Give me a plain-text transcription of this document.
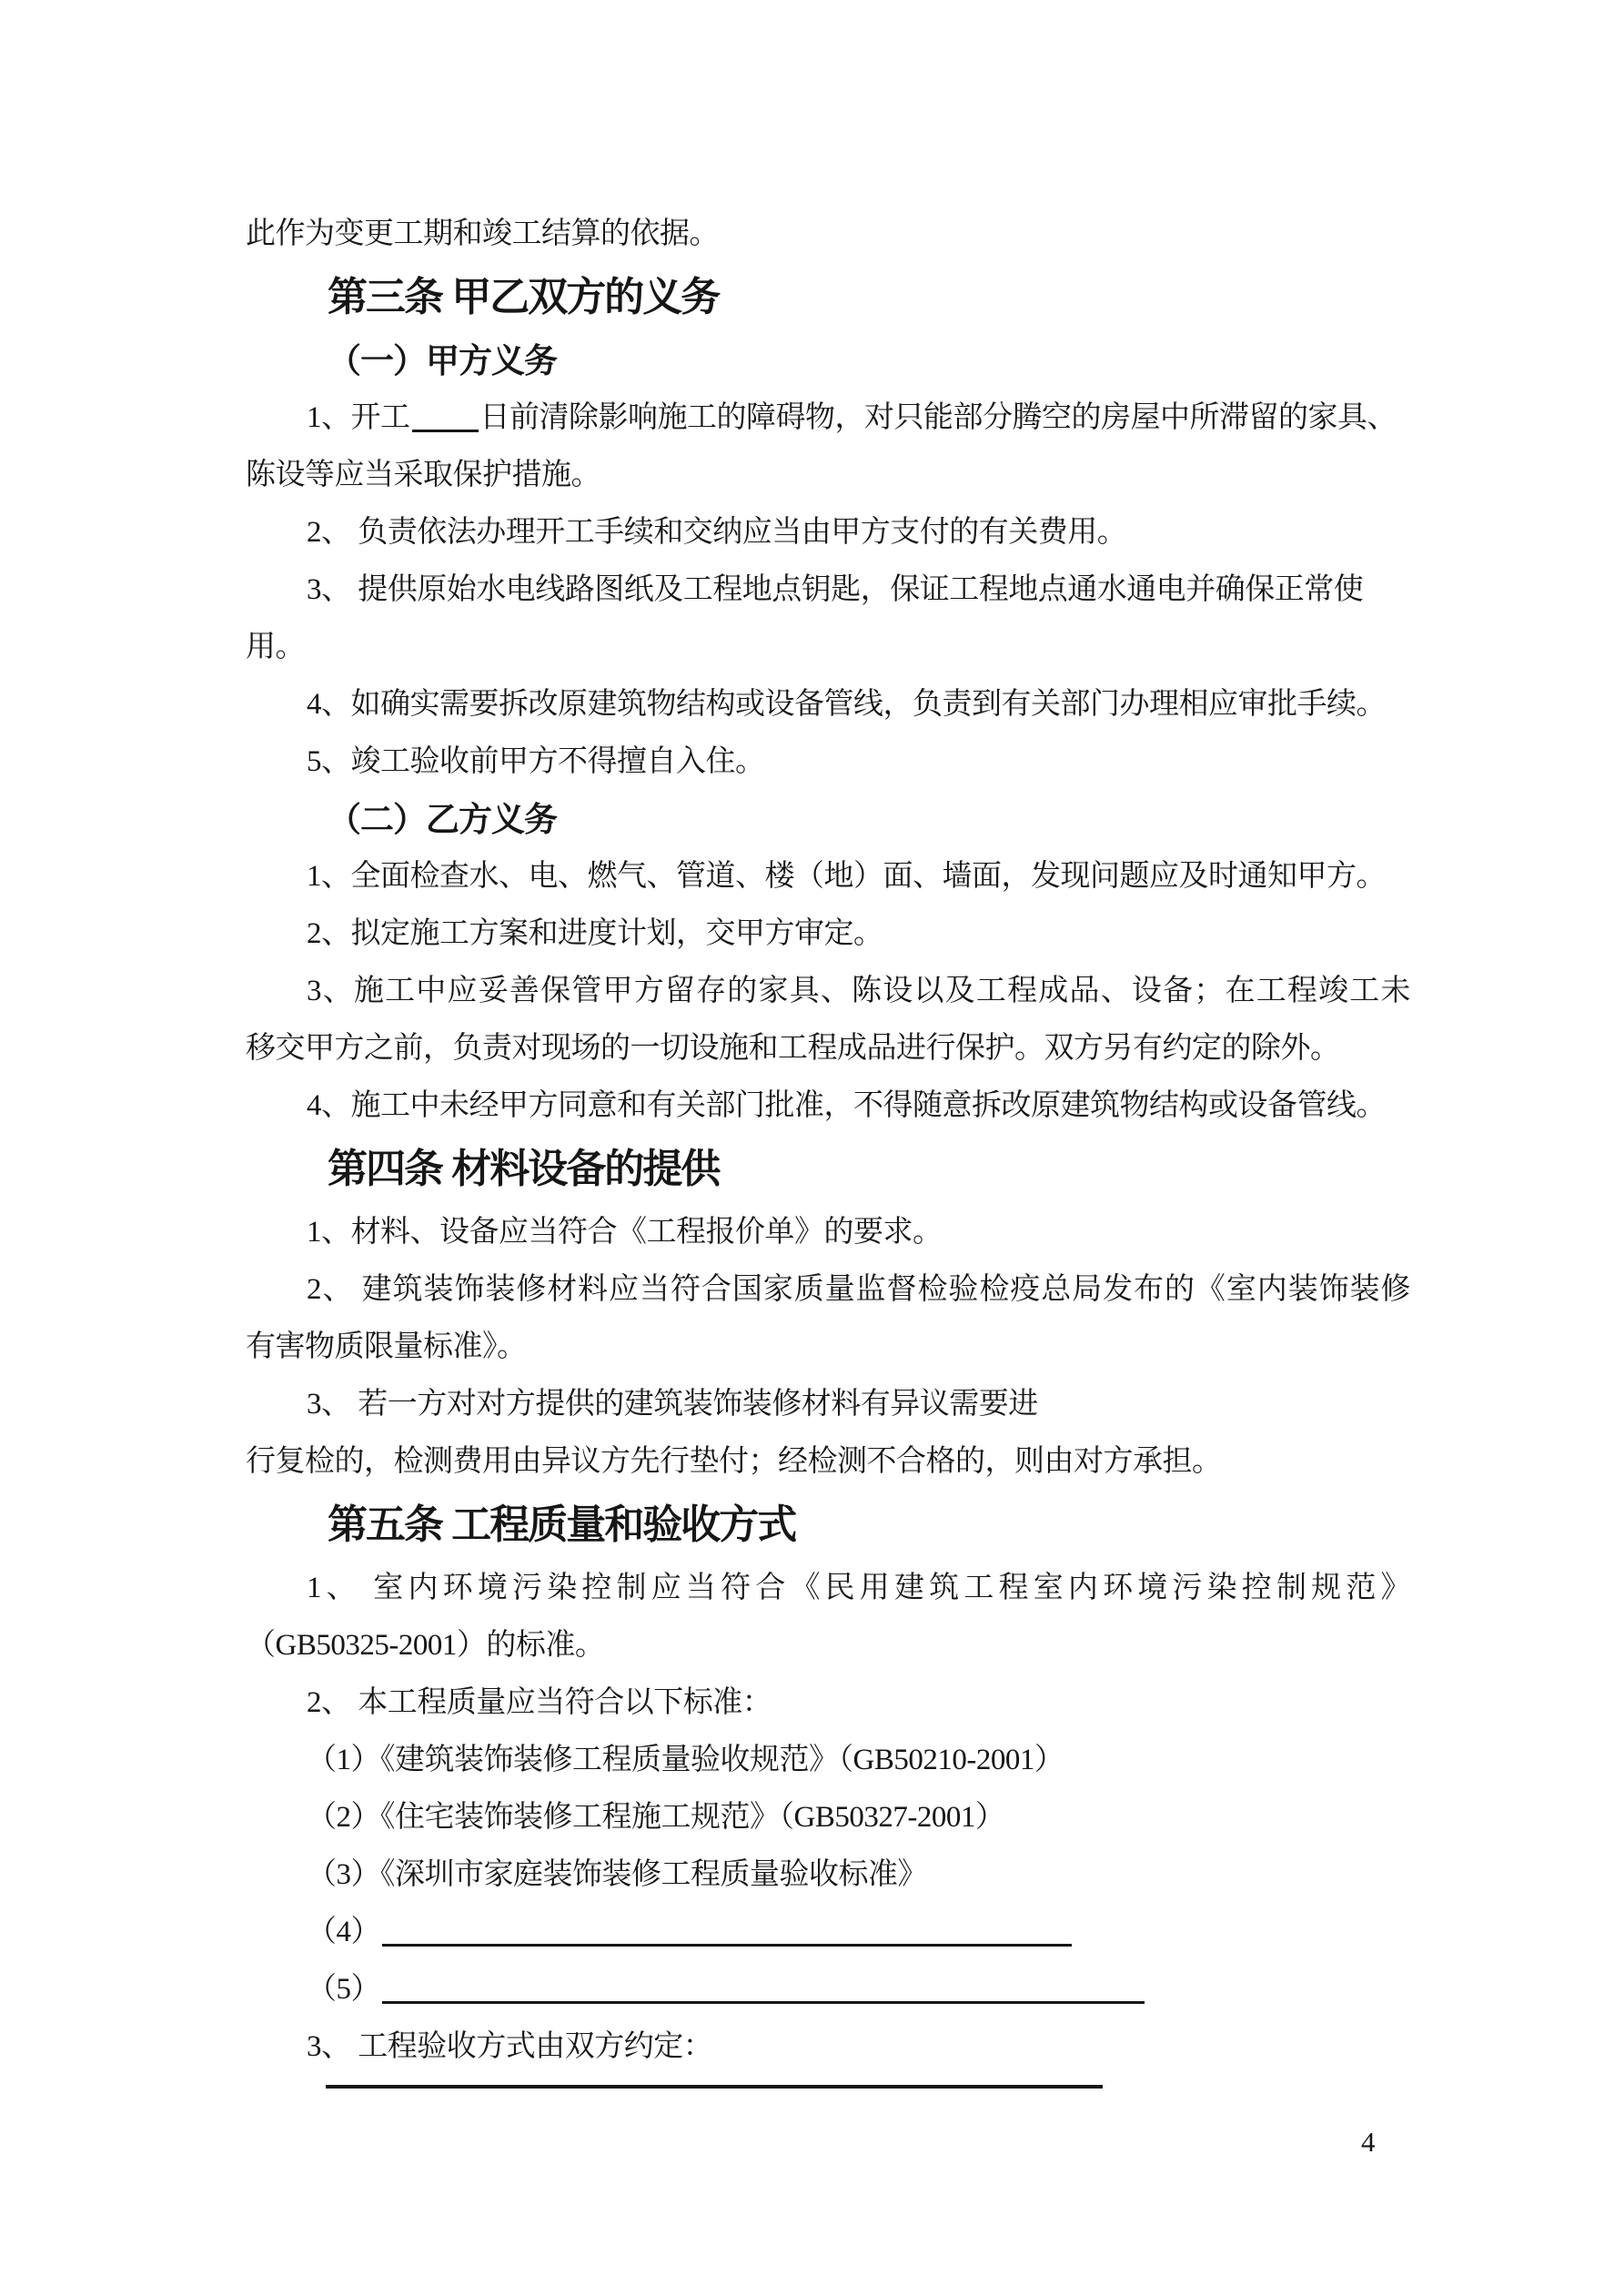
此作为变更工期和竣工结算的依据。
第三条 甲乙双方的义务
（一）甲方义务
1、开工 日前清除影响施工的障碍物，对只能部分腾空的房屋中所滞留的家具、
陈设等应当采取保护措施。
2、 负责依法办理开工手续和交纳应当由甲方支付的有关费用。
3、 提供原始水电线路图纸及工程地点钥匙，保证工程地点通水通电并确保正常使
用。
4、如确实需要拆改原建筑物结构或设备管线，负责到有关部门办理相应审批手续。
5、竣工验收前甲方不得擅自入住。
（二）乙方义务
1、全面检查水、电、燃气、管道、楼（地）面、墙面，发现问题应及时通知甲方。
2、拟定施工方案和进度计划，交甲方审定。
3、施工中应妥善保管甲方留存的家具、陈设以及工程成品、设备；在工程竣工未
移交甲方之前，负责对现场的一切设施和工程成品进行保护。双方另有约定的除外。
4、施工中未经甲方同意和有关部门批准，不得随意拆改原建筑物结构或设备管线。
第四条 材料设备的提供
1、材料、设备应当符合《工程报价单》的要求。
2、 建筑装饰装修材料应当符合国家质量监督检验检疫总局发布的《室内装饰装修
有害物质限量标准》。
3、 若一方对对方提供的建筑装饰装修材料有异议需要进
行复检的，检测费用由异议方先行垫付；经检测不合格的，则由对方承担。
第五条 工程质量和验收方式
1、 室内环境污染控制应当符合《民用建筑工程室内环境污染控制规范》
（GB50325-2001）的标准。
2、 本工程质量应当符合以下标准：
（1）《建筑装饰装修工程质量验收规范》（GB50210-2001）
（2）《住宅装饰装修工程施工规范》（GB50327-2001）
（3）《深圳市家庭装饰装修工程质量验收标准》
（4）
（5）
3、 工程验收方式由双方约定：
4
